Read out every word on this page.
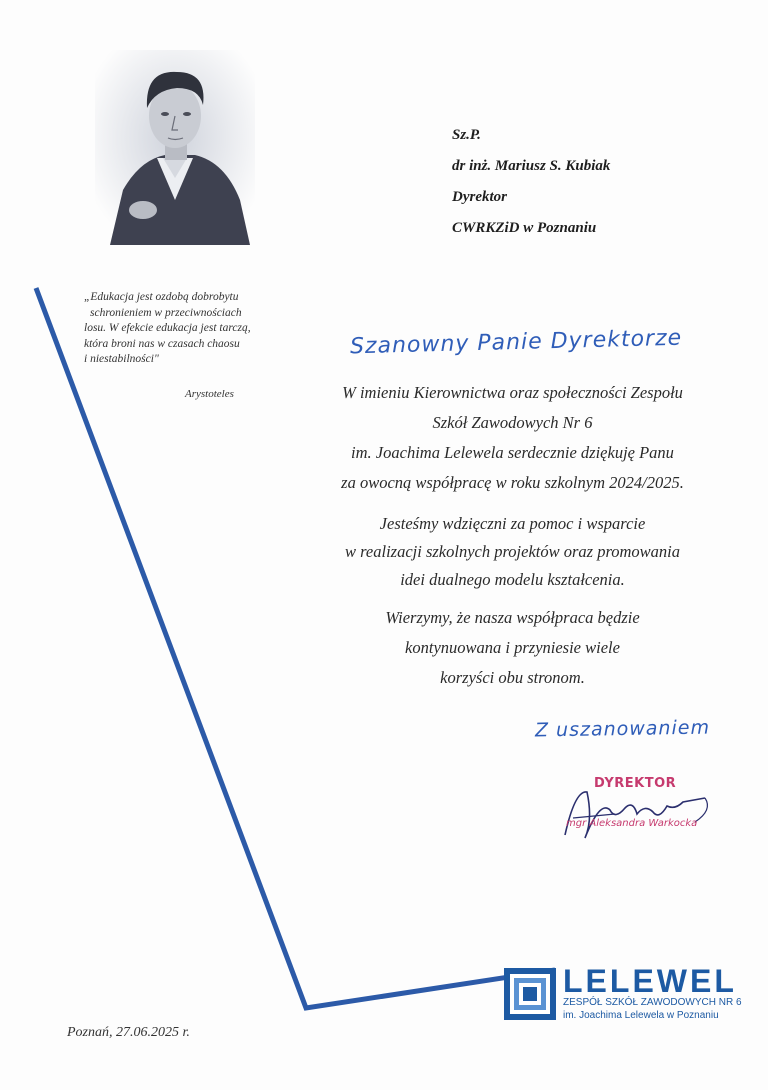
„Edukacja jest ozdobą dobrobytu
schronieniem w przeciwnościach
losu. W efekcie edukacja jest tarczą,
która broni nas w czasach chaosu
i niestabilności"
Arystoteles
Sz.P.
dr inż. Mariusz S. Kubiak
Dyrektor
CWRKZiD w Poznaniu
Szanowny Panie Dyrektorze
W imieniu Kierownictwa oraz społeczności Zespołu
Szkół Zawodowych Nr 6
im. Joachima Lelewela serdecznie dziękuję Panu
za owocną współpracę w roku szkolnym 2024/2025.
Jesteśmy wdzięczni za pomoc i wsparcie
w realizacji szkolnych projektów oraz promowania
idei dualnego modelu kształcenia.
Wierzymy, że nasza współpraca będzie
kontynuowana i przyniesie wiele
korzyści obu stronom.
Z uszanowaniem
DYREKTOR
mgr Aleksandra Warkocka
Poznań, 27.06.2025 r.
LELEWEL
ZESPÓŁ SZKÓŁ ZAWODOWYCH NR 6
im. Joachima Lelewela w Poznaniu
